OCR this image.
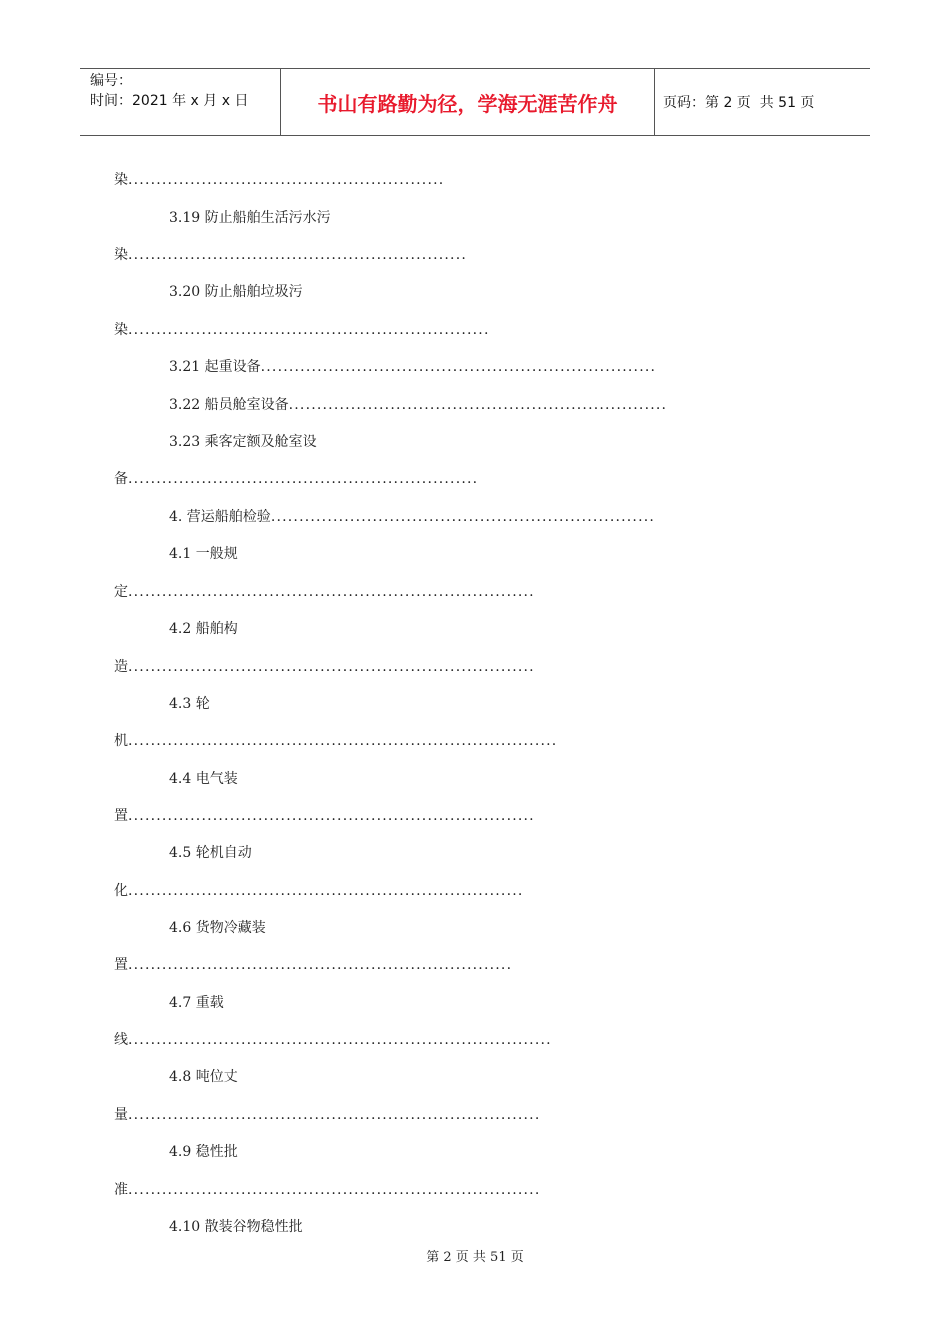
编号：
时间：2021 年 x 月 x 日	书山有路勤为径，学海无涯苦作舟	页码：第 2 页  共 51 页
染........................................................
3.19 防止船舶生活污水污
染............................................................
3.20 防止船舶垃圾污
染................................................................
3.21 起重设备......................................................................
3.22 船员舱室设备...................................................................
3.23 乘客定额及舱室设
备..............................................................
4. 营运船舶检验....................................................................
4.1 一般规
定........................................................................
4.2 船舶构
造........................................................................
4.3 轮
机............................................................................
4.4 电气装
置........................................................................
4.5 轮机自动
化......................................................................
4.6 货物冷藏装
置....................................................................
4.7 重载
线...........................................................................
4.8 吨位丈
量.........................................................................
4.9 稳性批
准.........................................................................
4.10 散装谷物稳性批
第 2 页 共 51 页
